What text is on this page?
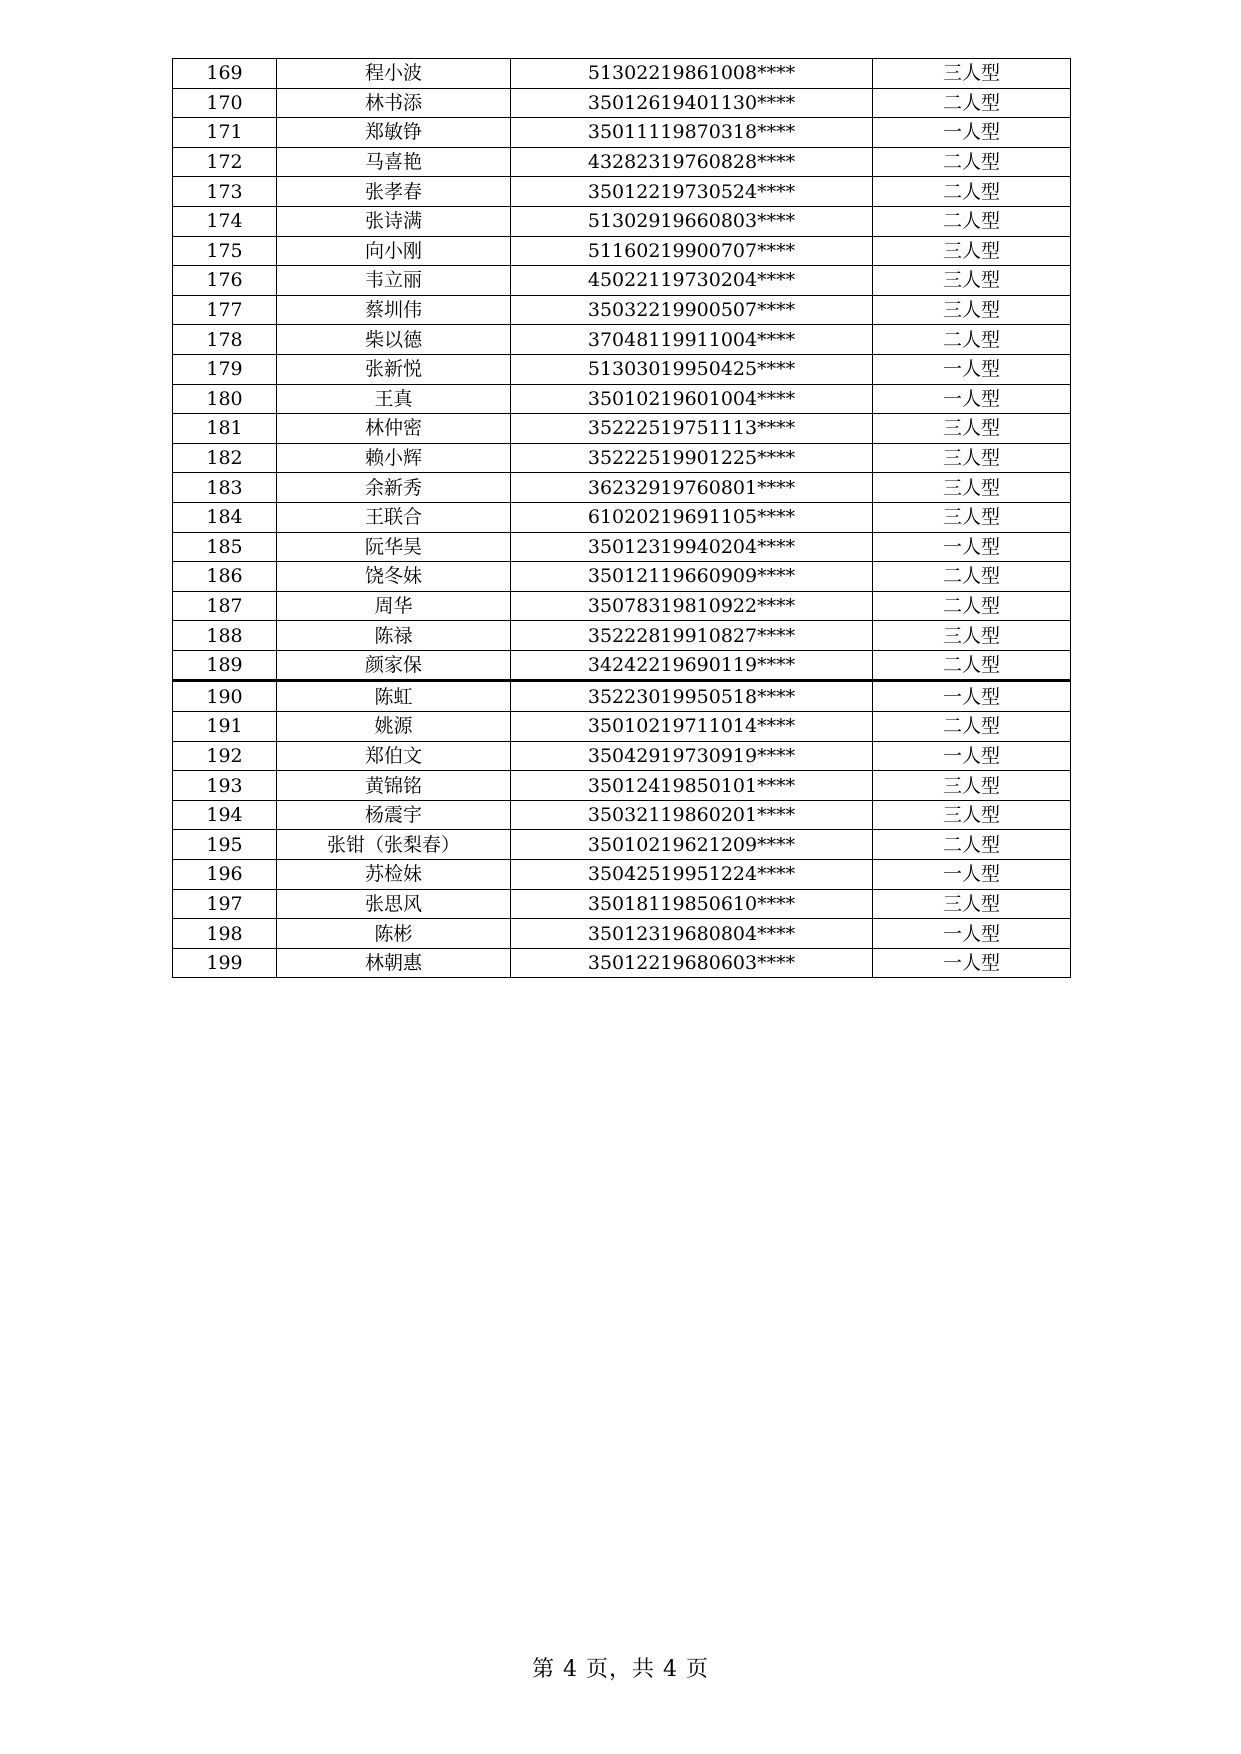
169	程小波	51302219861008****	三人型
170	林书添	35012619401130****	二人型
171	郑敏铮	35011119870318****	一人型
172	马喜艳	43282319760828****	二人型
173	张孝春	35012219730524****	二人型
174	张诗满	51302919660803****	二人型
175	向小刚	51160219900707****	三人型
176	韦立丽	45022119730204****	三人型
177	蔡圳伟	35032219900507****	三人型
178	柴以德	37048119911004****	二人型
179	张新悦	51303019950425****	一人型
180	王真	35010219601004****	一人型
181	林仲密	35222519751113****	三人型
182	赖小辉	35222519901225****	三人型
183	余新秀	36232919760801****	三人型
184	王联合	61020219691105****	三人型
185	阮华昊	35012319940204****	一人型
186	饶冬妹	35012119660909****	二人型
187	周华	35078319810922****	二人型
188	陈禄	35222819910827****	三人型
189	颜家保	34242219690119****	二人型
190	陈虹	35223019950518****	一人型
191	姚源	35010219711014****	二人型
192	郑伯文	35042919730919****	一人型
193	黄锦铭	35012419850101****	三人型
194	杨震宇	35032119860201****	三人型
195	张钳（张梨春）	35010219621209****	二人型
196	苏检妹	35042519951224****	一人型
197	张思风	35018119850610****	三人型
198	陈彬	35012319680804****	一人型
199	林朝惠	35012219680603****	一人型
第 4 页，共 4 页
